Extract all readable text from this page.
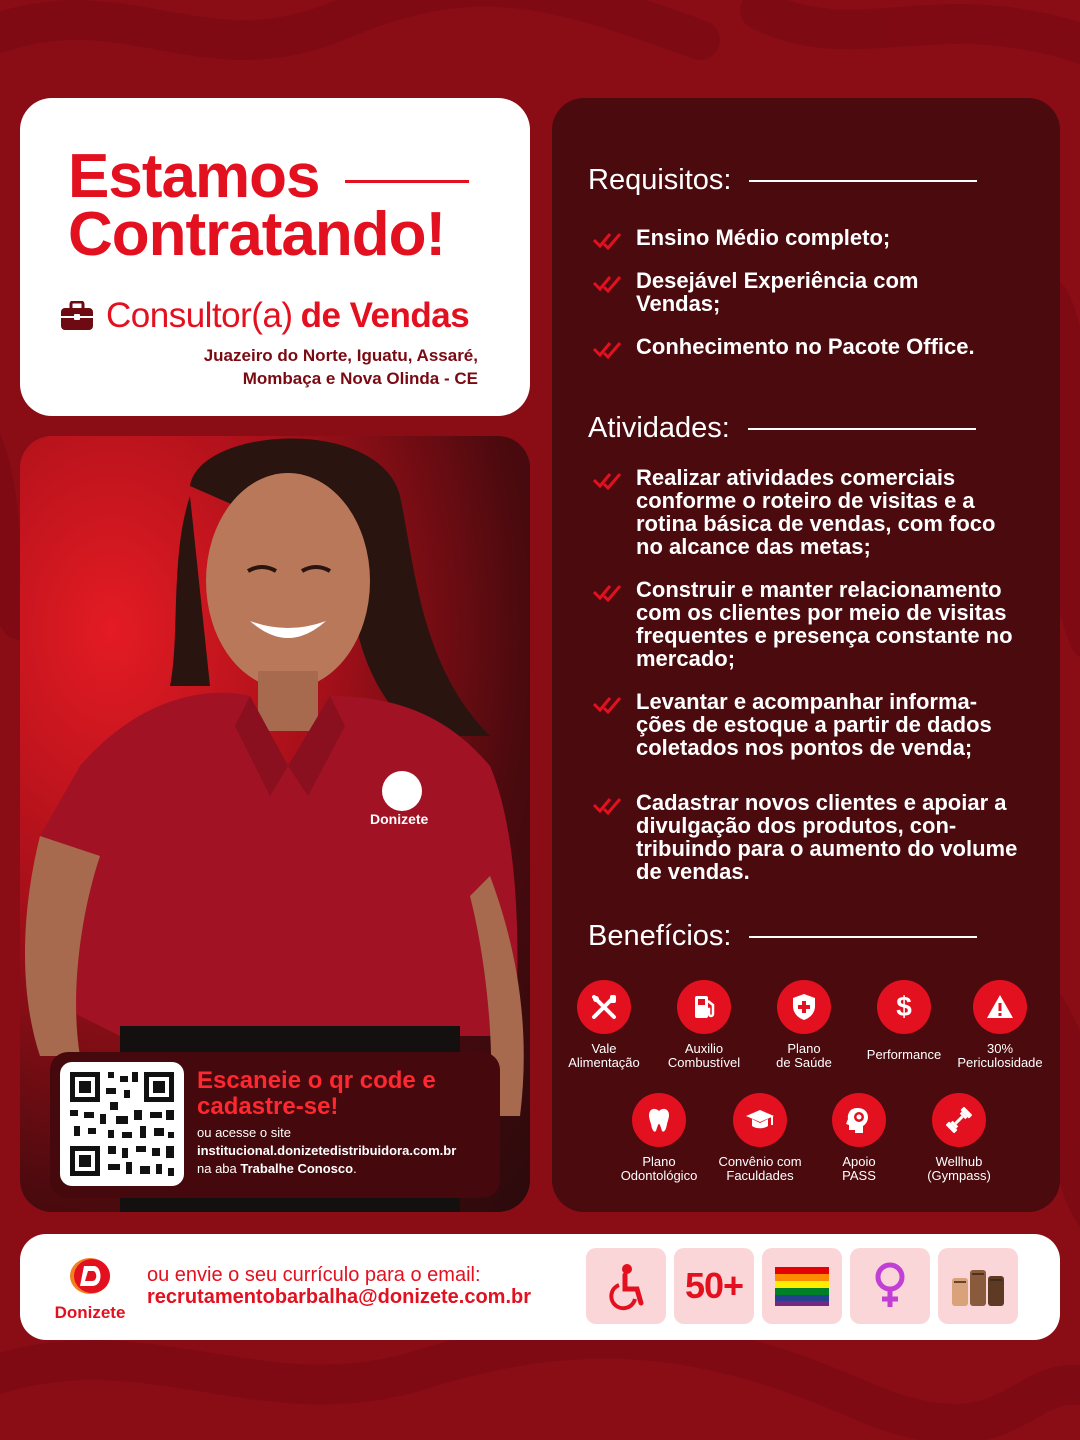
Estamos
Contratando!
Consultor(a) de Vendas
Juazeiro do Norte, Iguatu, Assaré,
Mombaça e Nova Olinda - CE
Donizete
Escaneie o qr code e
cadastre-se!
ou acesse o site
institucional.donizetedistribuidora.com.br
na aba Trabalhe Conosco.
Requisitos:
Ensino Médio completo;
Desejável Experiência com Vendas;
Conhecimento no Pacote Office.
Atividades:
Realizar atividades comerciais conforme o roteiro de visitas e a rotina básica de vendas, com foco no alcance das metas;
Construir e manter relacionamento com os clientes por meio de visitas frequentes e presença constante no mercado;
Levantar e acompanhar informa-ções de estoque a partir de dados coletados nos pontos de venda;
Cadastrar novos clientes e apoiar a divulgação dos produtos, con-tribuindo para o aumento do volume de vendas.
Benefícios:
Vale
Alimentação
Auxilio
Combustível
Plano
de Saúde
$
Performance	30%
Periculosidade
Plano
Odontológico
Convênio com
Faculdades
Apoio
PASS
Wellhub
(Gympass)
Donizete
ou envie o seu currículo para o email:
recrutamentobarbalha@donizete.com.br	50+
